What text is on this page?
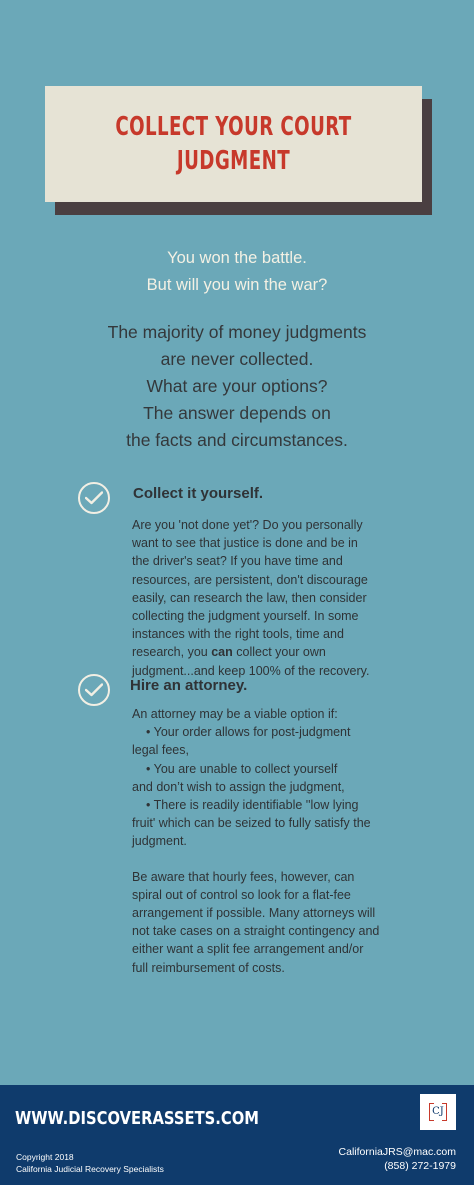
COLLECT YOUR COURT
JUDGMENT
You won the battle.
But will you win the war?
The majority of money judgments
are never collected.
What are your options?
The answer depends on
the facts and circumstances.
Collect it yourself.

Are you 'not done yet'? Do you personally

want to see that justice is done and be in

the driver's seat? If you have time and

resources, are persistent, don't discourage

easily, can research the law, then consider

collecting the judgment yourself. In some

instances with the right tools, time and

research, you can collect your own

judgment...and keep 100% of the recovery.

Hire an attorney.

An attorney may be a viable option if:

• Your order allows for post-judgment

legal fees,

• You are unable to collect yourself

and don’t wish to assign the judgment,

• There is readily identifiable ''low lying

fruit' which can be seized to fully satisfy the

judgment.

Be aware that hourly fees, however, can

spiral out of control so look for a flat-fee

arrangement if possible. Many attorneys will

not take cases on a straight contingency and

either want a split fee arrangement and/or

full reimbursement of costs.

WWW.DISCOVERASSETS.COM
Copyright 2018
California Judicial Recovery Specialists
CJ
CaliforniaJRS@mac.com
(858) 272-1979
